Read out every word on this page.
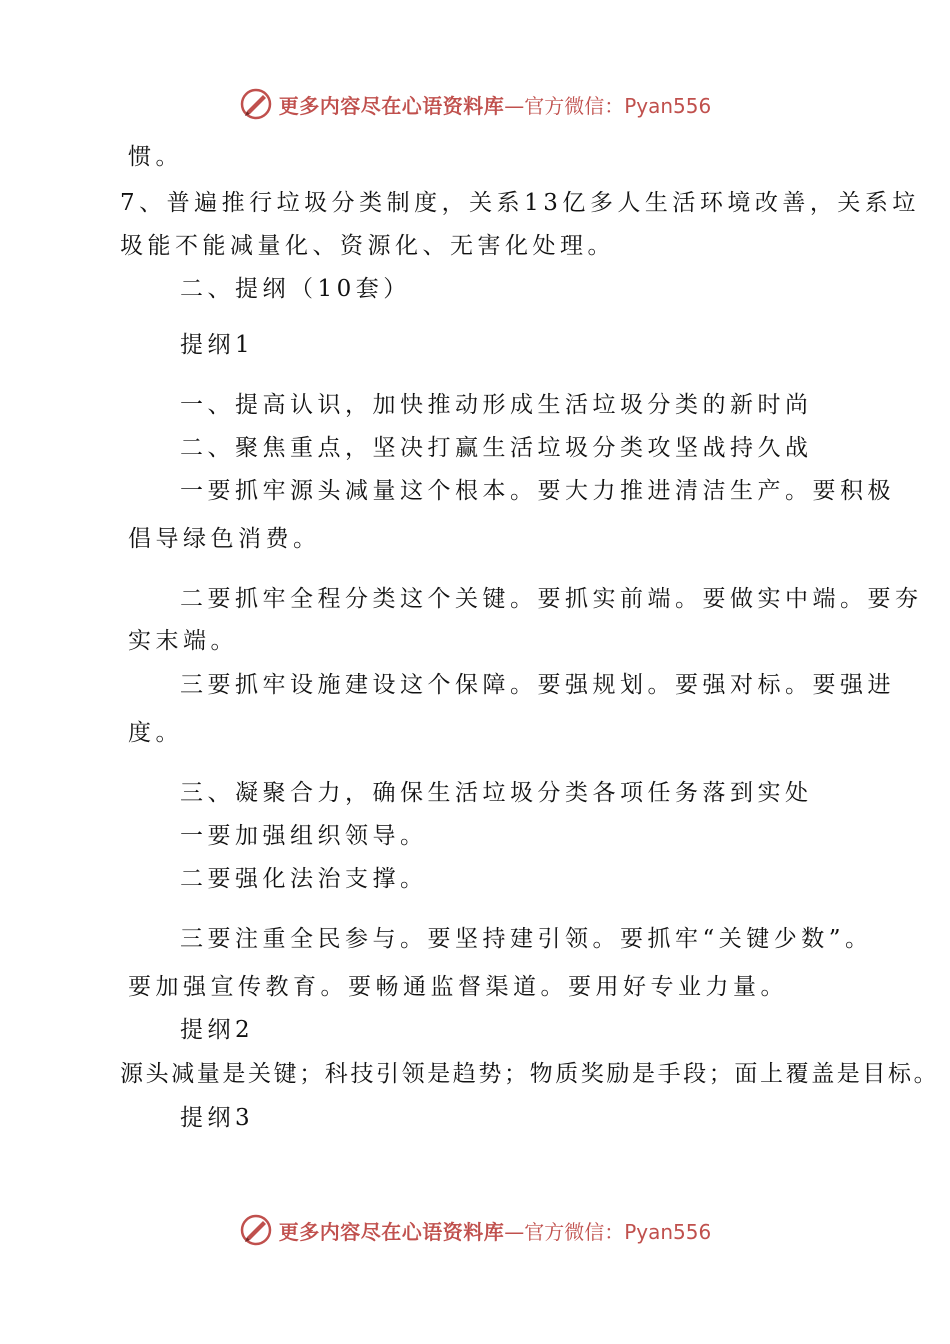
更多内容尽在心语资料库 —官方微信：Pyan556

惯。

7、普遍推行垃圾分类制度，关系13亿多人生活环境改善，关系垃

圾能不能减量化、资源化、无害化处理。

二、提纲（10套）

提纲1

一、提高认识，加快推动形成生活垃圾分类的新时尚

二、聚焦重点，坚决打赢生活垃圾分类攻坚战持久战

一要抓牢源头减量这个根本。要大力推进清洁生产。要积极

倡导绿色消费。

二要抓牢全程分类这个关键。要抓实前端。要做实中端。要夯

实末端。

三要抓牢设施建设这个保障。要强规划。要强对标。要强进

度。

三、凝聚合力，确保生活垃圾分类各项任务落到实处

一要加强组织领导。

二要强化法治支撑。

三要注重全民参与。要坚持建引领。要抓牢“关键少数”。

要加强宣传教育。要畅通监督渠道。要用好专业力量。

提纲2

源头减量是关键；科技引领是趋势；物质奖励是手段；面上覆盖是目标。

提纲3

更多内容尽在心语资料库 —官方微信：Pyan556
